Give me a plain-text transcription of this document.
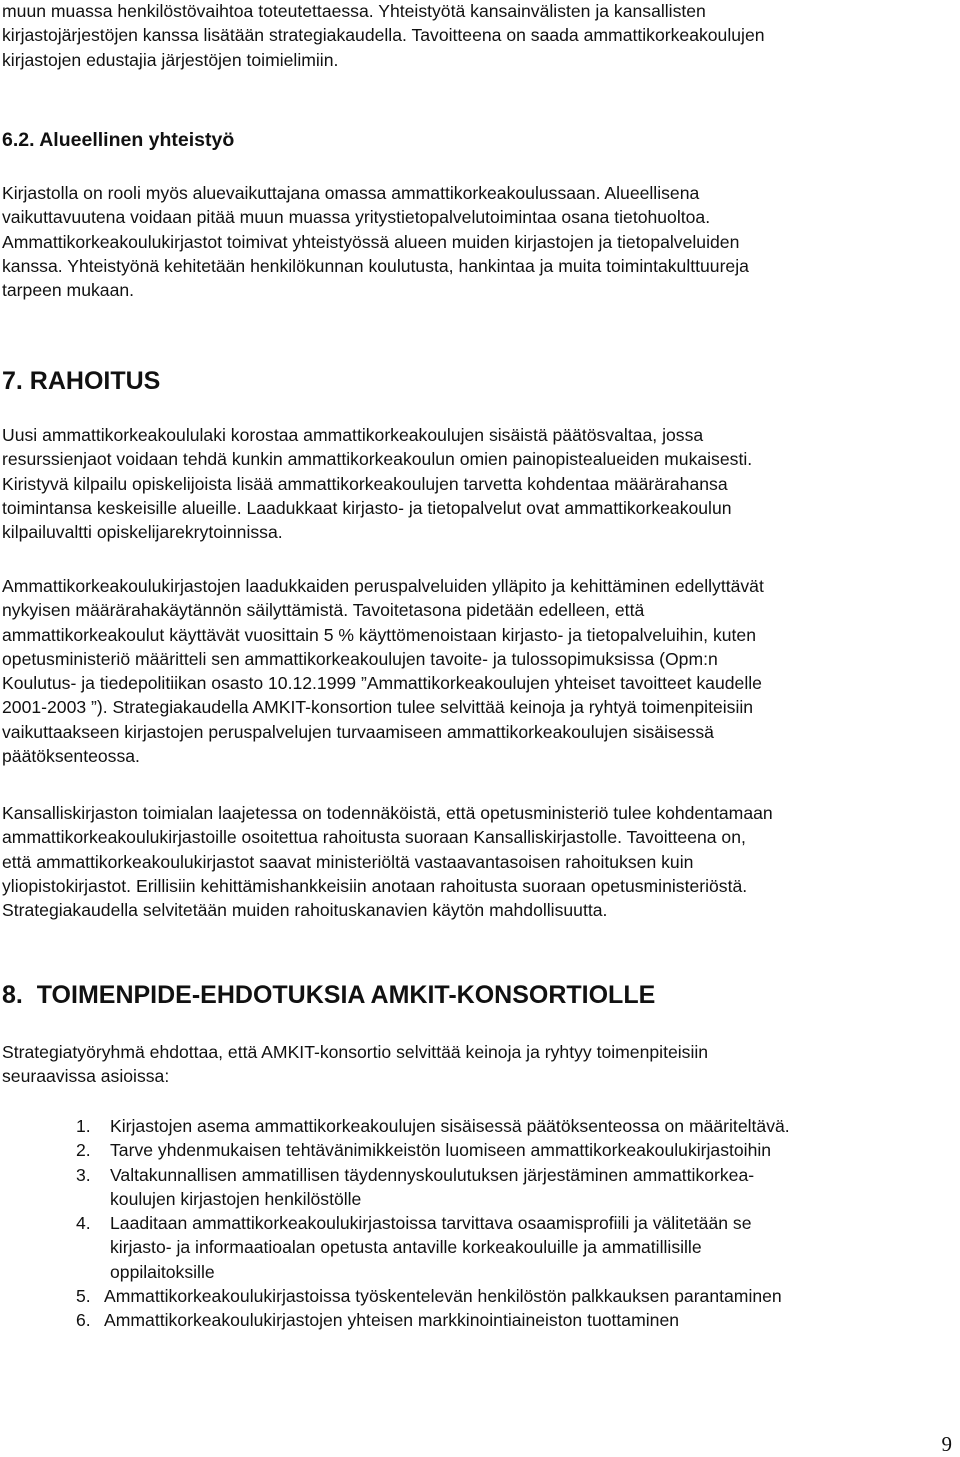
muun muassa henkilöstövaihtoa toteutettaessa. Yhteistyötä kansainvälisten ja kansallisten
kirjastojärjestöjen kanssa lisätään strategiakaudella. Tavoitteena on saada ammattikorkeakoulujen
kirjastojen edustajia järjestöjen toimielimiin.

6.2. Alueellinen yhteistyö

Kirjastolla on rooli myös aluevaikuttajana omassa ammattikorkeakoulussaan. Alueellisena
vaikuttavuutena voidaan pitää muun muassa yritystietopalvelutoimintaa osana tietohuoltoa.
Ammattikorkeakoulukirjastot toimivat yhteistyössä alueen muiden kirjastojen ja tietopalveluiden
kanssa. Yhteistyönä kehitetään henkilökunnan koulutusta, hankintaa ja muita toimintakulttuureja
tarpeen mukaan.

7. RAHOITUS

Uusi ammattikorkeakoululaki korostaa ammattikorkeakoulujen sisäistä päätösvaltaa, jossa
resurssienjaot voidaan tehdä kunkin ammattikorkeakoulun omien painopistealueiden mukaisesti.
Kiristyvä kilpailu opiskelijoista lisää ammattikorkeakoulujen tarvetta kohdentaa määrärahansa
toimintansa keskeisille alueille. Laadukkaat kirjasto- ja tietopalvelut ovat ammattikorkeakoulun
kilpailuvaltti opiskelijarekrytoinnissa.

Ammattikorkeakoulukirjastojen laadukkaiden peruspalveluiden ylläpito ja kehittäminen edellyttävät
nykyisen määrärahakäytännön säilyttämistä. Tavoitetasona pidetään edelleen, että
ammattikorkeakoulut käyttävät vuosittain 5 % käyttömenoistaan kirjasto- ja tietopalveluihin, kuten
opetusministeriö määritteli sen ammattikorkeakoulujen tavoite- ja tulossopimuksissa (Opm:n
Koulutus- ja tiedepolitiikan osasto 10.12.1999 ”Ammattikorkeakoulujen yhteiset tavoitteet kaudelle
2001-2003 ”). Strategiakaudella AMKIT-konsortion tulee selvittää keinoja ja ryhtyä toimenpiteisiin
vaikuttaakseen kirjastojen peruspalvelujen turvaamiseen ammattikorkeakoulujen sisäisessä
päätöksenteossa.

Kansalliskirjaston toimialan laajetessa on todennäköistä, että opetusministeriö tulee kohdentamaan
ammattikorkeakoulukirjastoille osoitettua rahoitusta suoraan Kansalliskirjastolle. Tavoitteena on,
että ammattikorkeakoulukirjastot saavat ministeriöltä vastaavantasoisen rahoituksen kuin
yliopistokirjastot. Erillisiin kehittämishankkeisiin anotaan rahoitusta suoraan opetusministeriöstä.
Strategiakaudella selvitetään muiden rahoituskanavien käytön mahdollisuutta.

8.  TOIMENPIDE-EHDOTUKSIA AMKIT-KONSORTIOLLE

Strategiatyöryhmä ehdottaa, että AMKIT-konsortio selvittää keinoja ja ryhtyy toimenpiteisiin
seuraavissa asioissa:

1. Kirjastojen asema ammattikorkeakoulujen sisäisessä päätöksenteossa on määriteltävä.
2. Tarve yhdenmukaisen tehtävänimikkeistön luomiseen ammattikorkeakoulukirjastoihin
3. Valtakunnallisen ammatillisen täydennyskoulutuksen järjestäminen ammattikorkea-
koulujen kirjastojen henkilöstölle
4. Laaditaan ammattikorkeakoulukirjastoissa tarvittava osaamisprofiili ja välitetään se
kirjasto- ja informaatioalan opetusta antaville korkeakouluille ja ammatillisille
oppilaitoksille
5. Ammattikorkeakoulukirjastoissa työskentelevän henkilöstön palkkauksen parantaminen
6. Ammattikorkeakoulukirjastojen yhteisen markkinointiaineiston tuottaminen
9
